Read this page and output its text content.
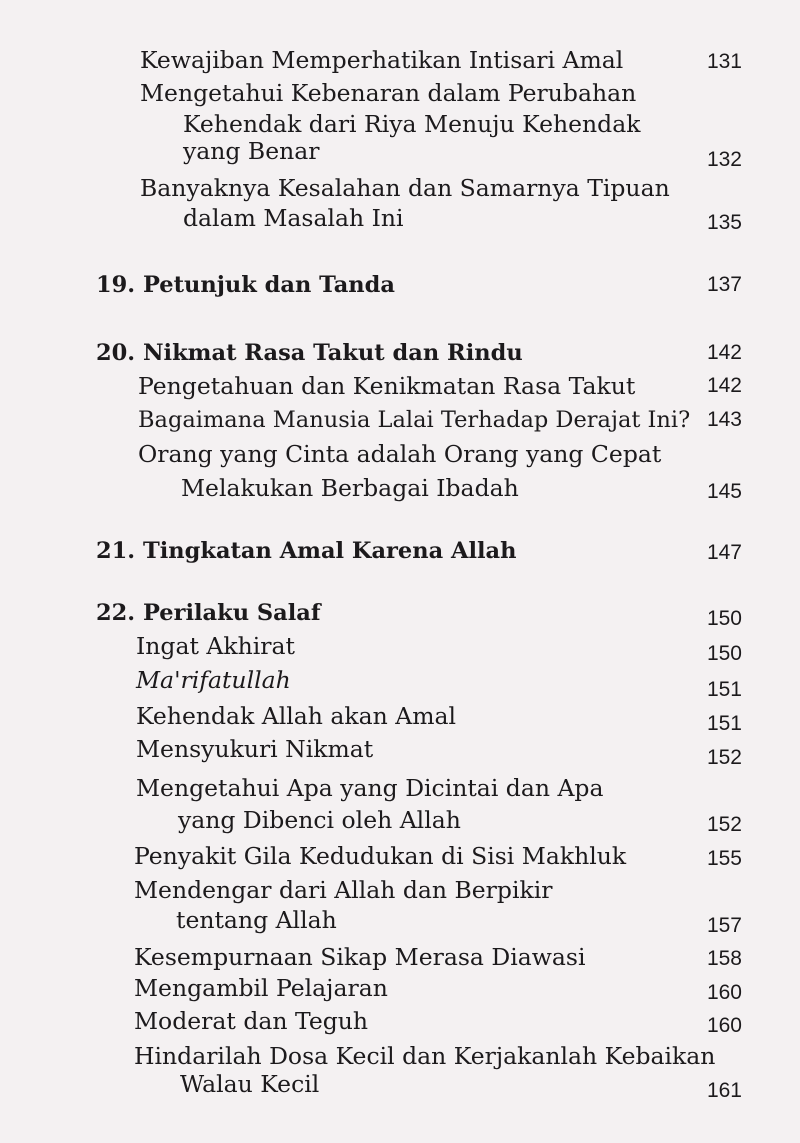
Kewajiban Memperhatikan Intisari Amal	131
Mengetahui Kebenaran dalam Perubahan
Kehendak dari Riya Menuju Kehendak
yang Benar	132
Banyaknya Kesalahan dan Samarnya Tipuan
dalam Masalah Ini	135
19. Petunjuk dan Tanda	137
20. Nikmat Rasa Takut dan Rindu	142
Pengetahuan dan Kenikmatan Rasa Takut	142
Bagaimana Manusia Lalai Terhadap Derajat Ini? 143
Orang yang Cinta adalah Orang yang Cepat
Melakukan Berbagai Ibadah	145
21. Tingkatan Amal Karena Allah	147
22. Perilaku Salaf	150
Ingat Akhirat	150
Ma'rifatullah	151
Kehendak Allah akan Amal	151
Mensyukuri Nikmat	152
Mengetahui Apa yang Dicintai dan Apa
yang Dibenci oleh Allah	152
Penyakit Gila Kedudukan di Sisi Makhluk	155
Mendengar dari Allah dan Berpikir
tentang Allah	157
Kesempurnaan Sikap Merasa Diawasi	158
Mengambil Pelajaran	160
Moderat dan Teguh	160
Hindarilah Dosa Kecil dan Kerjakanlah Kebaikan
Walau Kecil	161
